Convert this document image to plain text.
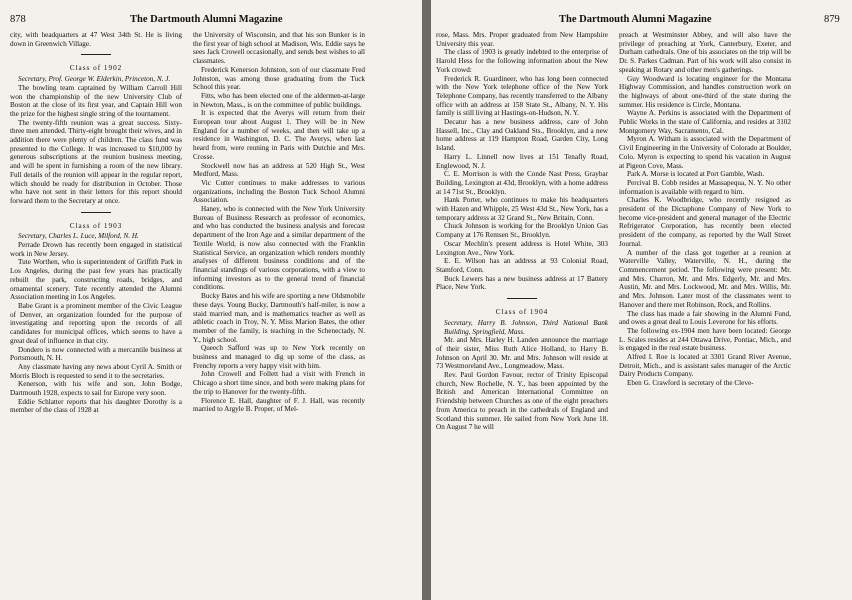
878	The Dartmouth Alumni Magazine

city, with headquarters at 47 West 34th St. He is living down in Greenwich Village.

Class of 1902

Secretary, Prof. George W. Elderkin, Princeton, N. J.

The bowling team captained by William Carroll Hill won the championship of the new University Club of Boston at the close of its first year, and Captain Hill won the prize for the highest single string of the tournament.

The twenty-fifth reunion was a great success. Sixty-three men attended. Thirty-eight brought their wives, and in addition there were plenty of children. The class fund was presented to the College. It was increased to $10,000 by generous subscriptions at the reunion business meeting, and will be spent in furnishing a room of the new library. Full details of the reunion will appear in the regular report, which should be ready for distribution in October. Those who have not sent in their letters for this report should forward them to the Secretary at once.

Class of 1903

Secretary, Charles L. Luce, Milford, N. H.

Perrade Drown has recently been engaged in statistical work in New Jersey.

Tute Worthen, who is superintendent of Griffith Park in Los Angeles, during the past few years has practically rebuilt the park, constructing roads, bridges, and ornamental scenery. Tute recently attended the Alumni Association meeting in Los Angeles.

Babe Grant is a prominent member of the Civic League of Denver, an organization founded for the purpose of investigating and reporting upon the records of all candidates for municipal offices, which seems to have a great deal of influence in that city.

Dondero is now connected with a mercantile business at Portsmouth, N. H.

Any classmate having any news about Cyril A. Smith or Morris Bloch is requested to send it to the secretaries.

Kenerson, with his wife and son, John Bodge, Dartmouth 1928, expects to sail for Europe very soon.

Eddie Schlatter reports that his daughter Dorothy is a member of the class of 1928 at

the University of Wisconsin, and that his son Bunker is in the first year of high school at Madison, Wis. Eddie says he sees Jack Crowell occasionally, and sends best wishes to all classmates.

Frederick Kenerson Johnston, son of our classmate Fred Johnston, was among those graduating from the Tuck School this year.

Fitts, who has been elected one of the aldermen-at-large in Newton, Mass., is on the committee of public buildings.

It is expected that the Averys will return from their European tour about August 1. They will be in New England for a number of weeks, and then will take up a residence in Washington, D. C. The Averys, when last heard from, were reuning in Paris with Dutchie and Mrs. Crosse.

Stockwell now has an address at 520 High St., West Medford, Mass.

Vic Cutter continues to make addresses to various organizations, including the Boston Tuck School Alumni Association.

Haney, who is connected with the New York University Bureau of Business Research as professor of economics, and who has conducted the business analysis and forecast department of the Iron Age and a similar department of the Textile World, is now also connected with the Franklin Statistical Service, an organization which renders monthly analyses of different business conditions and of the financial standings of various corporations, with a view to informing investors as to the general trend of financial conditions.

Bucky Bates and his wife are sporting a new Oldsmobile these days. Young Bucky, Dartmouth's half-miler, is now a staid married man, and is mathematics teacher as well as athletic coach in Troy, N. Y. Miss Marion Bates, the other member of the family, is teaching in the Schenectady, N. Y., high school.

Queech Safford was up to New York recently on business and managed to dig up some of the class, as Frenchy reports a very happy visit with him.

John Crowell and Follett had a visit with French in Chicago a short time since, and both were making plans for the trip to Hanover for the twenty-fifth.

Florence E. Hall, daughter of F. J. Hall, was recently married to Argyle B. Proper, of Mel-

The Dartmouth Alumni Magazine	879

rose, Mass. Mrs. Proper graduated from New Hampshire University this year.

The class of 1903 is greatly indebted to the enterprise of Harold Hess for the following information about the New York crowd:

Frederick R. Guardineer, who has long been connected with the New York telephone office of the New York Telephone Company, has recently transferred to the Albany office with an address at 158 State St., Albany, N. Y. His family is still living at Hastings-on-Hudson, N. Y.

Decatur has a new business address, care of John Hassell, Inc., Clay and Oakland Sts., Brooklyn, and a new home address at 119 Hampton Road, Garden City, Long Island.

Harry L. Linnell now lives at 151 Tenafly Road, Englewood, N. J.

C. E. Morrison is with the Conde Nast Press, Graybar Building, Lexington at 43d, Brooklyn, with a home address at 14 71st St., Brooklyn.

Hank Porter, who continues to make his headquarters with Hazen and Whipple, 25 West 43d St., New York, has a temporary address at 32 Grand St., New Britain, Conn.

Chuck Johnson is working for the Brooklyn Union Gas Company at 176 Remsen St., Brooklyn.

Oscar Mechlin's present address is Hotel White, 303 Lexington Ave., New York.

E. E. Wilson has an address at 93 Colonial Road, Stamford, Conn.

Buck Lewers has a new business address at 17 Battery Place, New York.

Class of 1904

Secretary, Harry B. Johnson, Third National Bank Building, Springfield, Mass.

Mr. and Mrs. Harley H. Landen announce the marriage of their sister, Miss Ruth Alice Holland, to Harry B. Johnson on April 30. Mr. and Mrs. Johnson will reside at 73 Westmoreland Ave., Longmeadow, Mass.

Rev. Paul Gordon Favour, rector of Trinity Episcopal church, New Rochelle, N. Y., has been appointed by the British and American International Committee on Friendship between Churches as one of the eight preachers from America to preach in the cathedrals of England and Scotland this summer. He sailed from New York June 18. On August 7 he will

preach at Westminster Abbey, and will also have the privilege of preaching at York, Canterbury, Exeter, and Durham cathedrals. One of his associates on the trip will be Dr. S. Parkes Cadman. Part of his work will also consist in speaking at Rotary and other men's gatherings.

Guy Woodward is locating engineer for the Montana Highway Commission, and handles construction work on the highways of about one-third of the state during the summer. His residence is Circle, Montana.

Wayne A. Perkins is associated with the Department of Public Works in the state of California, and resides at 3102 Montgomery Way, Sacramento, Cal.

Myron A. Witham is associated with the Department of Civil Engineering in the University of Colorado at Boulder, Colo. Myron is expecting to spend his vacation in August at Pigeon Cove, Mass.

Park A. Morse is located at Port Gamble, Wash.

Percival B. Cobb resides at Massapequa, N. Y. No other information is available with regard to him.

Charles K. Woodbridge, who recently resigned as president of the Dictaphone Company of New York to become vice-president and general manager of the Electric Refrigerator Corporation, has recently been elected president of the company, as reported by the Wall Street Journal.

A number of the class got together at a reunion at Waterville Valley, Waterville, N. H., during the Commencement period. The following were present: Mr. and Mrs. Charron, Mr. and Mrs. Edgerly, Mr. and Mrs. Austin, Mr. and Mrs. Lockwood, Mr. and Mrs. Willis, Mr. and Mrs. Johnson. Later most of the classmates went to Hanover and there met Robinson, Rock, and Rollins.

The class has made a fair showing in the Alumni Fund, and owes a great deal to Louis Leverone for his efforts.

The following ex-1904 men have been located: George L. Scales resides at 244 Ottawa Drive, Pontiac, Mich., and is engaged in the real estate business.

Alfred I. Roe is located at 3301 Grand River Avenue, Detroit, Mich., and is assistant sales manager of the Arctic Dairy Products Company.

Eben G. Crawford is secretary of the Cleve-
